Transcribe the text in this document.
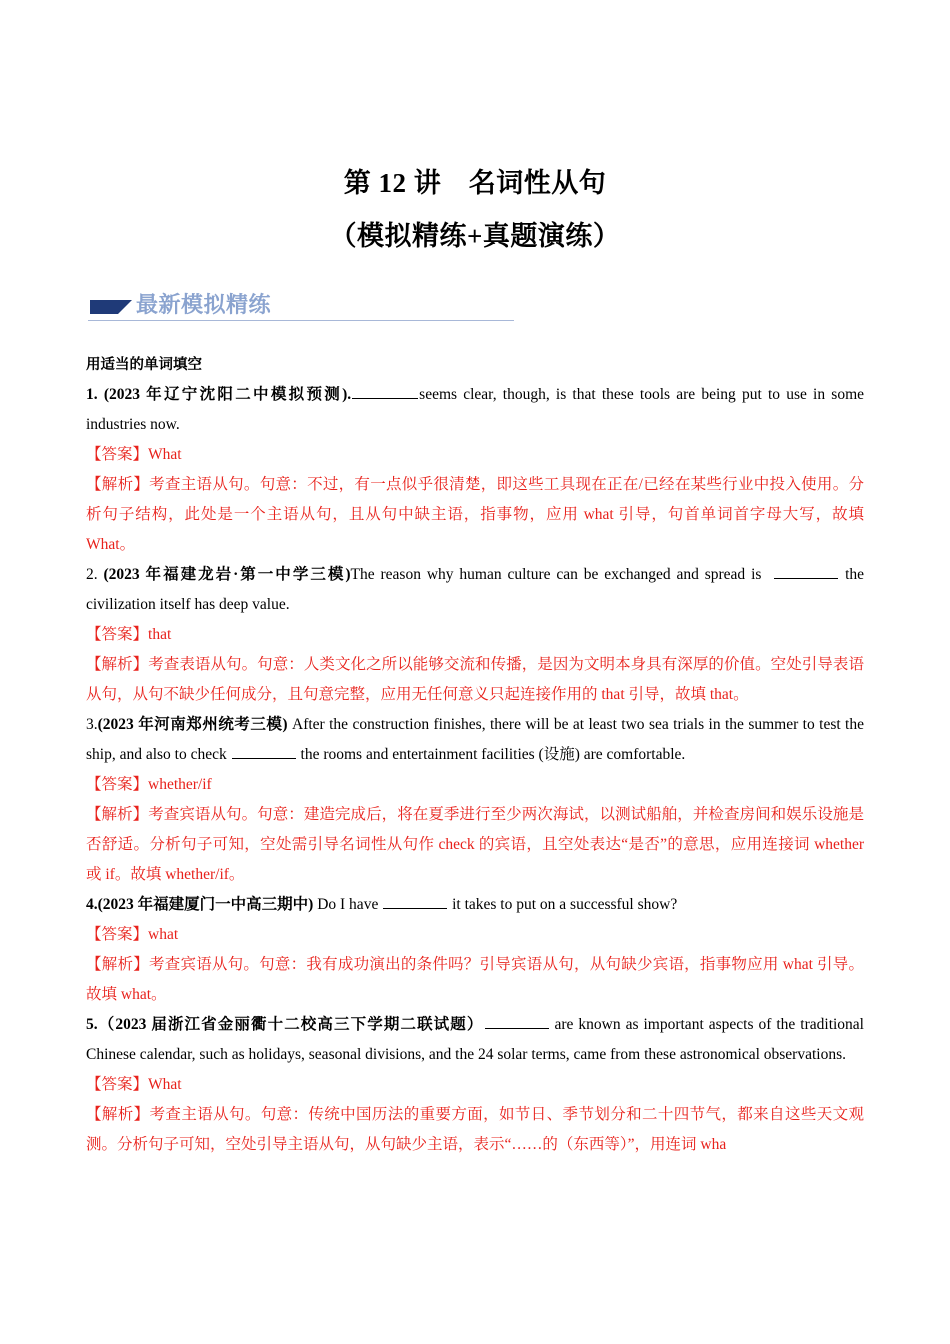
第 12 讲　名词性从句
（模拟精练+真题演练）
最新模拟精练

用适当的单词填空

1. (2023 年辽宁沈阳二中模拟预测).	seems clear, though, is that these tools are being put to use in some industries now.

【答案】What

【解析】考查主语从句。句意：不过，有一点似乎很清楚，即这些工具现在正在/已经在某些行业中投入使用。分析句子结构，此处是一个主语从句，且从句中缺主语，指事物，应用 what 引导，句首单词首字母大写，故填 What。

2. (2023 年福建龙岩·第一中学三模)The reason why human culture can be exchanged and spread is	the civilization itself has deep value.

【答案】that

【解析】考查表语从句。句意：人类文化之所以能够交流和传播，是因为文明本身具有深厚的价值。空处引导表语从句，从句不缺少任何成分，且句意完整，应用无任何意义只起连接作用的 that 引导，故填 that。

3.(2023 年河南郑州统考三模) After the construction finishes, there will be at least two sea trials in the summer to test the ship, and also to check	the rooms and entertainment facilities (设施) are comfortable.

【答案】whether/if

【解析】考查宾语从句。句意：建造完成后，将在夏季进行至少两次海试，以测试船舶，并检查房间和娱乐设施是否舒适。分析句子可知，空处需引导名词性从句作 check 的宾语，且空处表达“是否”的意思，应用连接词 whether 或 if。故填 whether/if。

4.(2023 年福建厦门一中高三期中) Do I have	it takes to put on a successful show?

【答案】what

【解析】考查宾语从句。句意：我有成功演出的条件吗？引导宾语从句，从句缺少宾语，指事物应用 what 引导。故填 what。

5.（2023 届浙江省金丽衢十二校高三下学期二联试题）	are known as important aspects of the traditional Chinese calendar, such as holidays, seasonal divisions, and the 24 solar terms, came from these astronomical observations.

【答案】What

【解析】考查主语从句。句意：传统中国历法的重要方面，如节日、季节划分和二十四节气，都来自这些天文观测。分析句子可知，空处引导主语从句，从句缺少主语，表示“……的（东西等）”，用连词 wha
